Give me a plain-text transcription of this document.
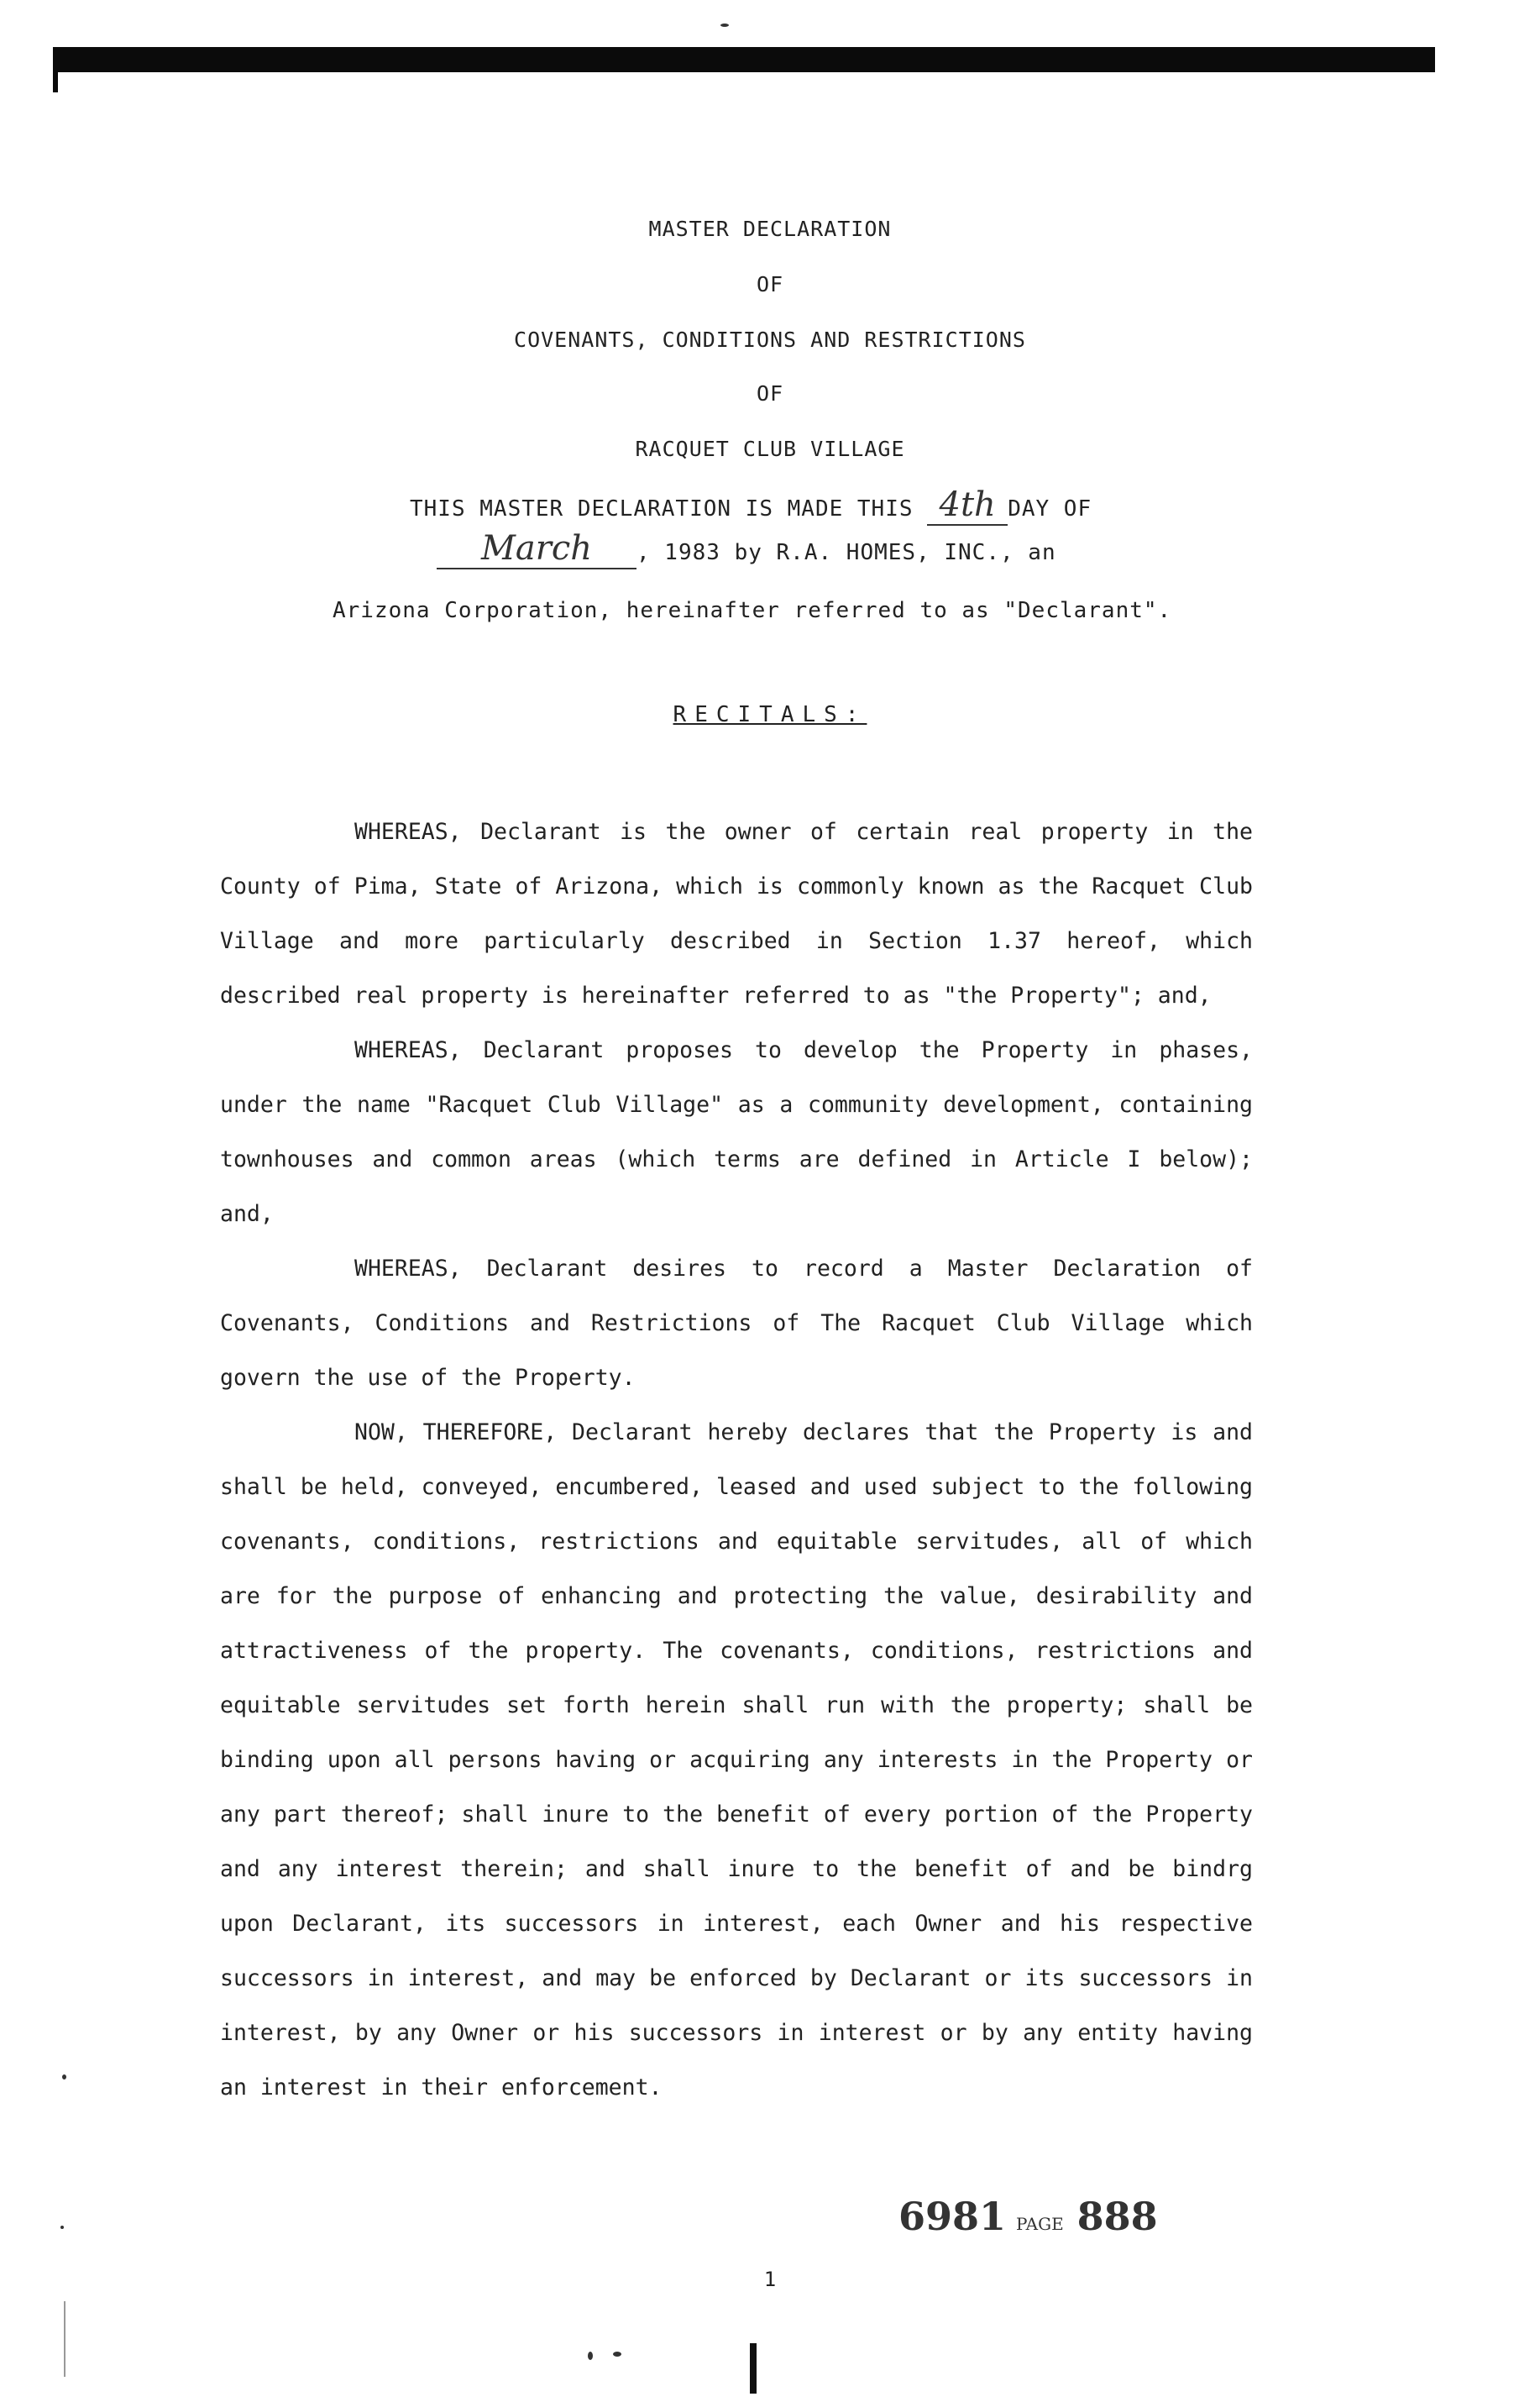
MASTER DECLARATION
OF
COVENANTS, CONDITIONS AND RESTRICTIONS
OF
RACQUET CLUB VILLAGE
THIS MASTER DECLARATION IS MADE THIS 4th DAY OF
March , 1983 by R.A. HOMES, INC., an
Arizona Corporation, hereinafter referred to as "Declarant".
RECITALS:

WHEREAS, Declarant is the owner of certain real property in the County of Pima, State of Arizona, which is commonly known as the Racquet Club Village and more particularly described in Section 1.37 hereof, which described real property is hereinafter referred to as "the Property"; and,

WHEREAS, Declarant proposes to develop the Property in phases, under the name "Racquet Club Village" as a community development, containing townhouses and common areas (which terms are defined in Article I below); and,

WHEREAS, Declarant desires to record a Master Declaration of Covenants, Conditions and Restrictions of The Racquet Club Village which govern the use of the Property.

NOW, THEREFORE, Declarant hereby declares that the Property is and shall be held, conveyed, encumbered, leased and used subject to the following covenants, conditions, restrictions and equitable servitudes, all of which are for the purpose of enhancing and protecting the value, desirability and attractiveness of the property. The covenants, conditions, restrictions and equitable servitudes set forth herein shall run with the property; shall be binding upon all persons having or acquiring any interests in the Property or any part thereof; shall inure to the benefit of every portion of the Property and any interest therein; and shall inure to the benefit of and be bindrg upon Declarant, its successors in interest, each Owner and his respective successors in interest, and may be enforced by Declarant or its successors in interest, by any Owner or his successors in interest or by any entity having an interest in their enforcement.

6981 PAGE 888
1
